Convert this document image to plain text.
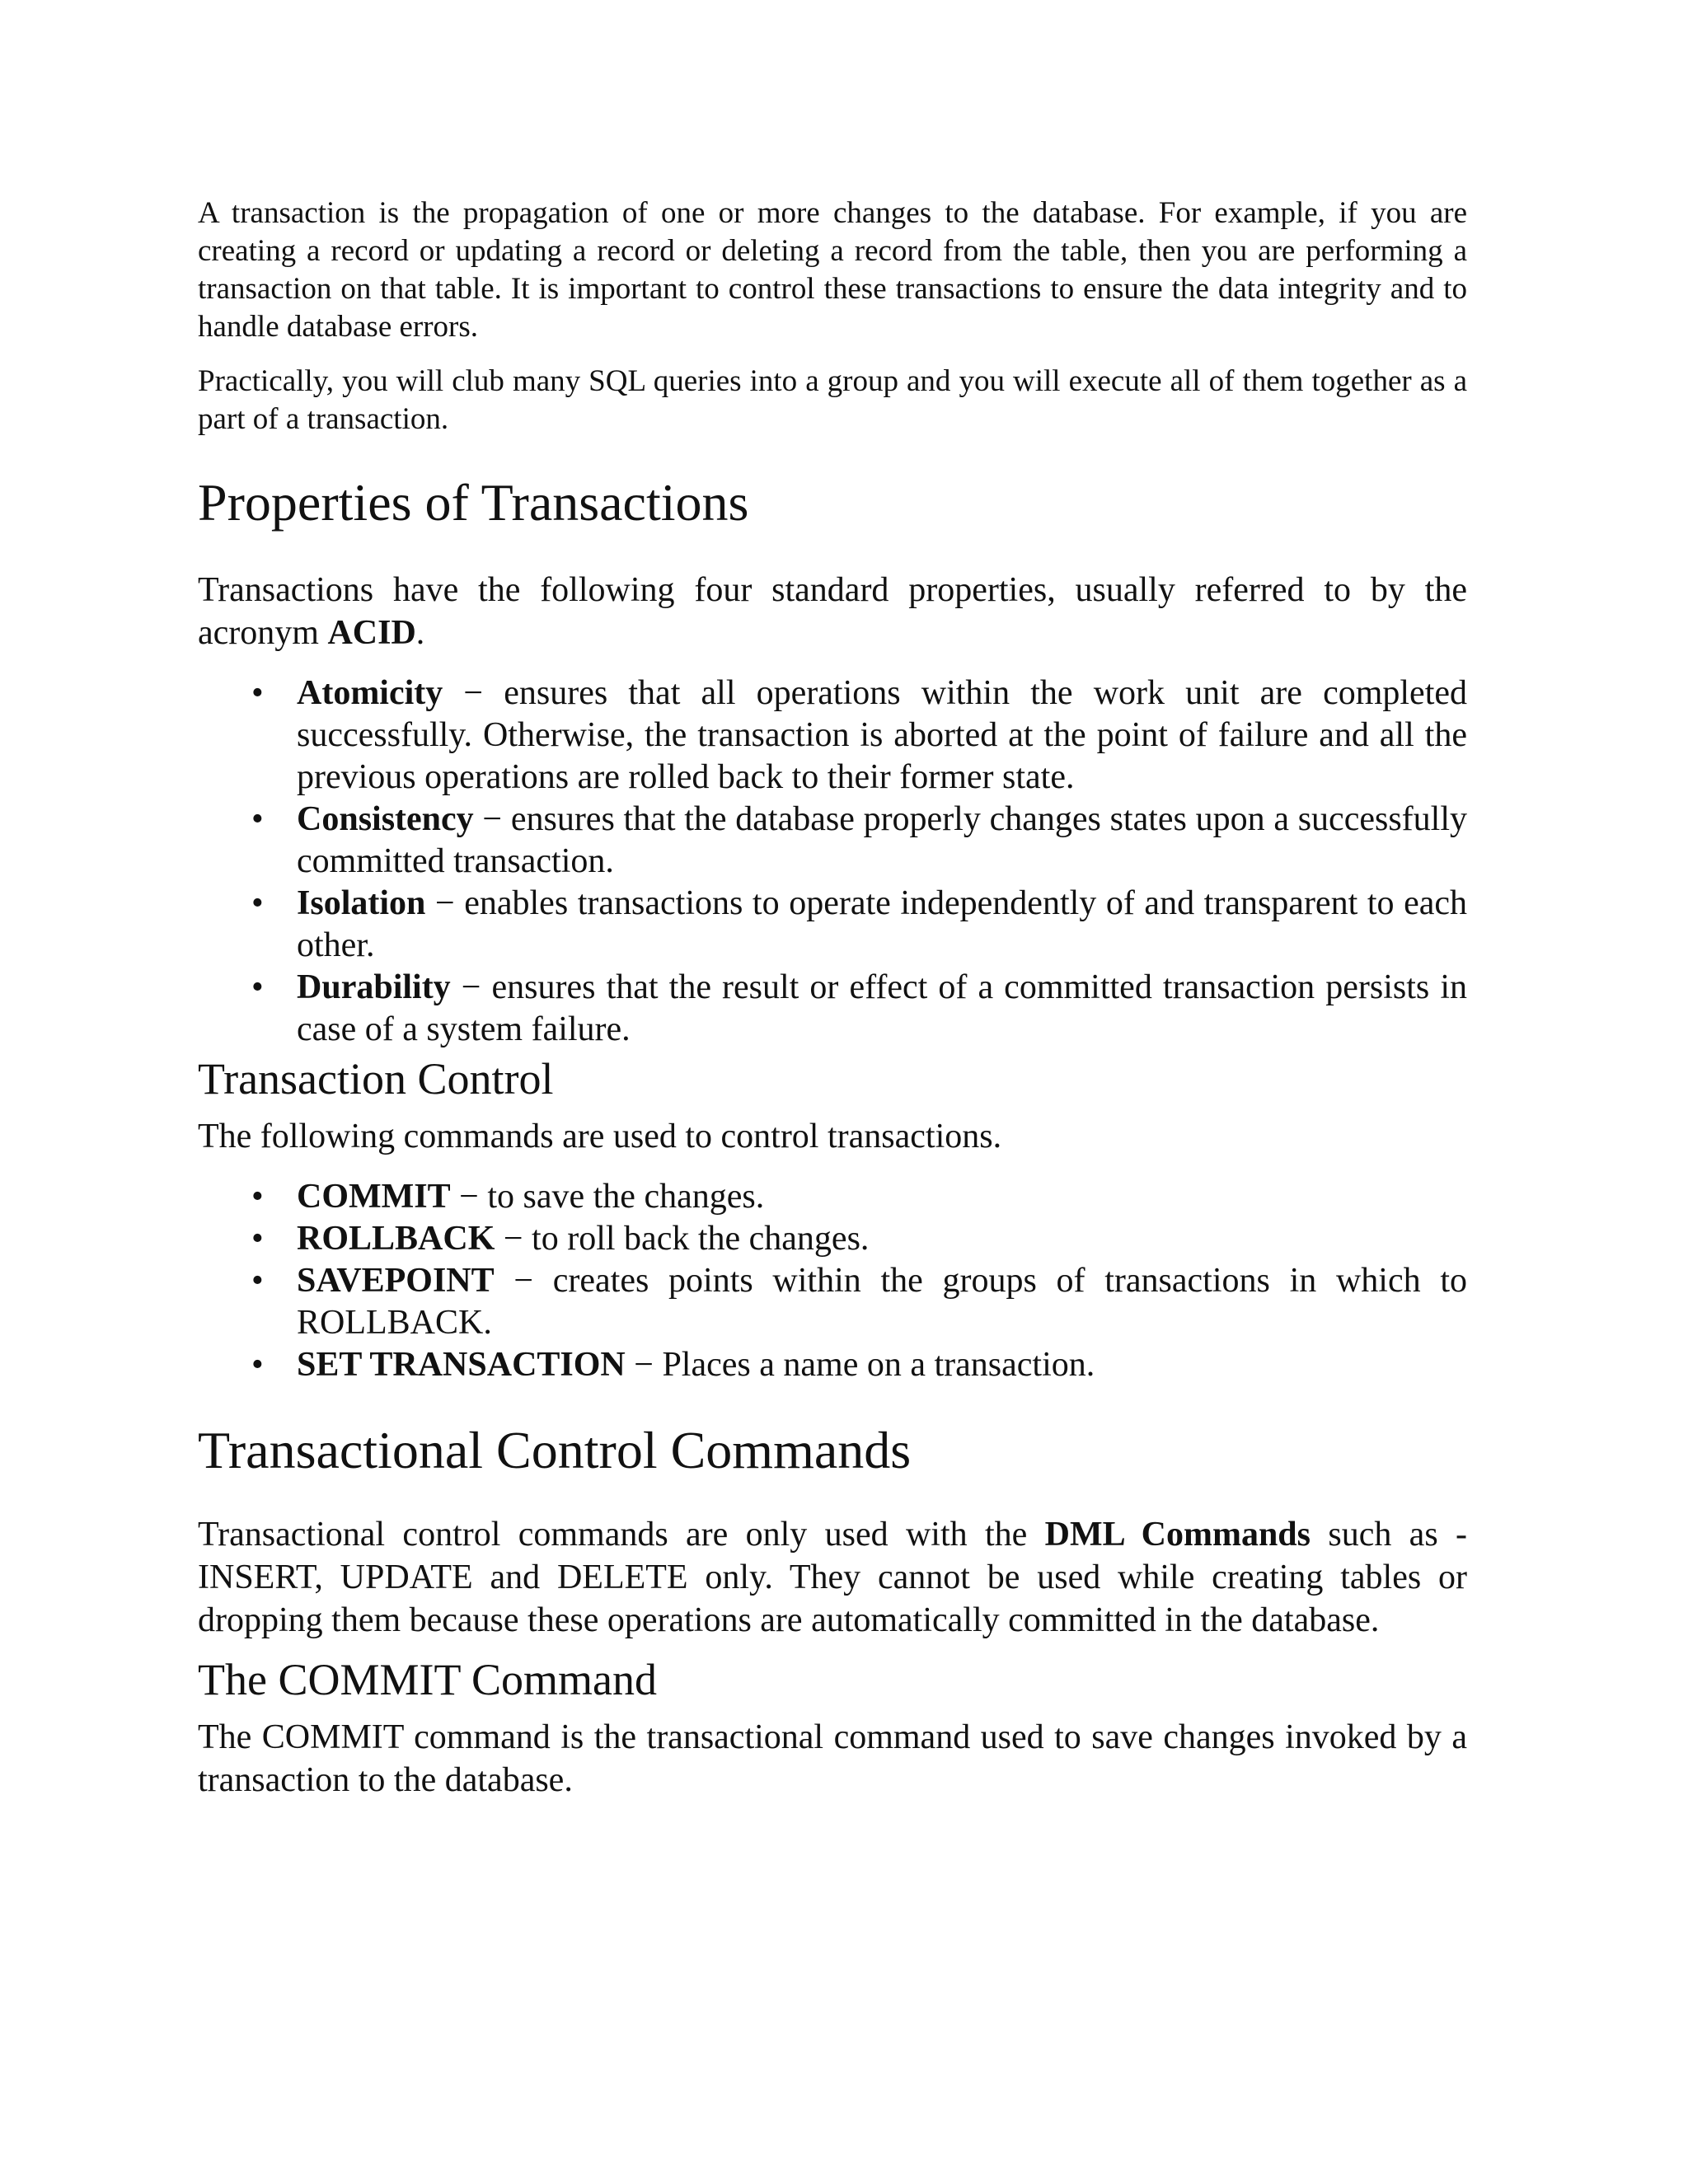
A transaction is the propagation of one or more changes to the database. For example, if you are creating a record or updating a record or deleting a record from the table, then you are performing a transaction on that table. It is important to control these transactions to ensure the data integrity and to handle database errors.

Practically, you will club many SQL queries into a group and you will execute all of them together as a part of a transaction.

Properties of Transactions

Transactions have the following four standard properties, usually referred to by the acronym ACID.

• Atomicity − ensures that all operations within the work unit are completed successfully. Otherwise, the transaction is aborted at the point of failure and all the previous operations are rolled back to their former state.
• Consistency − ensures that the database properly changes states upon a successfully committed transaction.
• Isolation − enables transactions to operate independently of and transparent to each other.
• Durability − ensures that the result or effect of a committed transaction persists in case of a system failure.
Transaction Control

The following commands are used to control transactions.

• COMMIT − to save the changes.
• ROLLBACK − to roll back the changes.
• SAVEPOINT − creates points within the groups of transactions in which to ROLLBACK.
• SET TRANSACTION − Places a name on a transaction.
Transactional Control Commands

Transactional control commands are only used with the DML Commands such as - INSERT, UPDATE and DELETE only. They cannot be used while creating tables or dropping them because these operations are automatically committed in the database.

The COMMIT Command

The COMMIT command is the transactional command used to save changes invoked by a transaction to the database.
